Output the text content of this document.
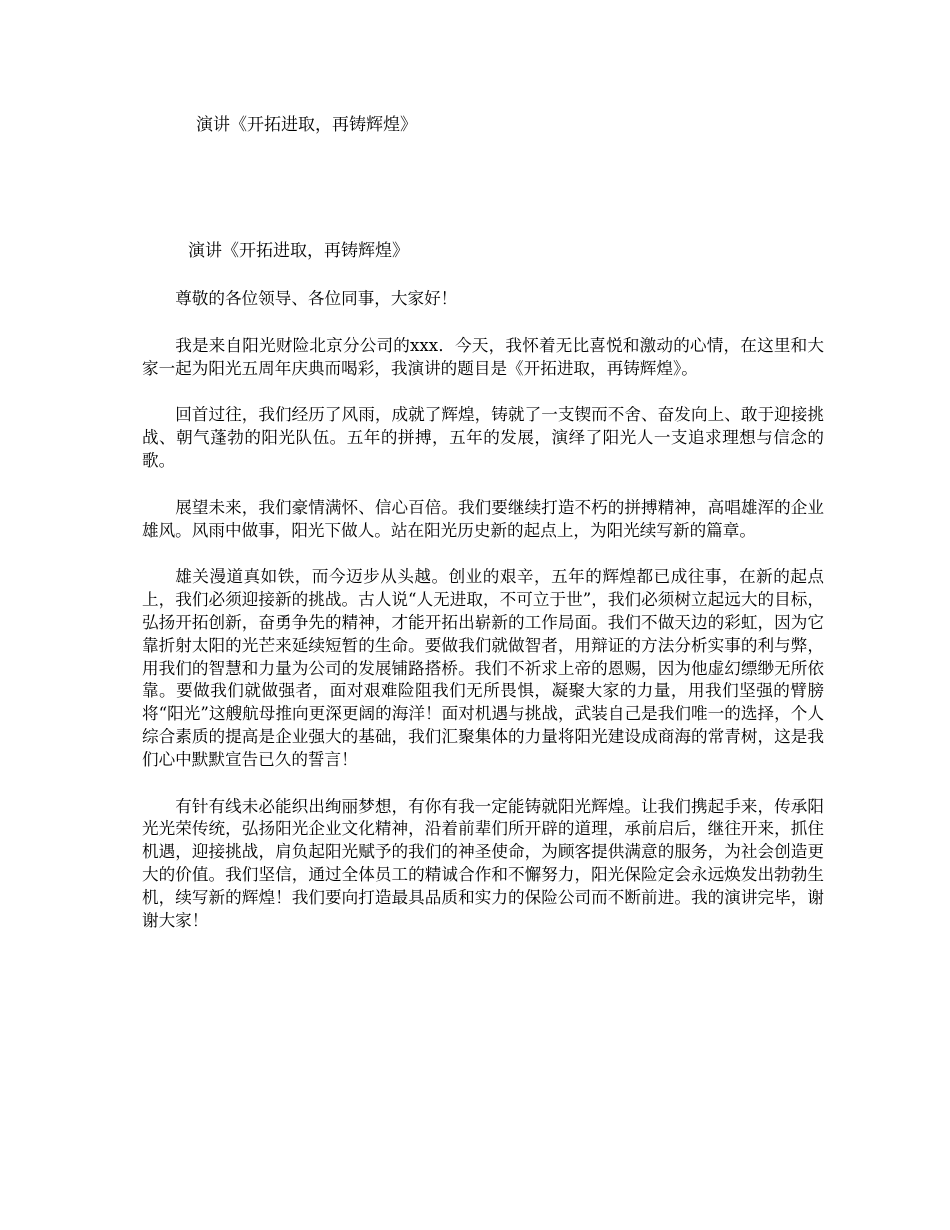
演讲《开拓进取，再铸辉煌》
演讲《开拓进取，再铸辉煌》

尊敬的各位领导、各位同事，大家好！

我是来自阳光财险北京分公司的xxx．今天，我怀着无比喜悦和激动的心情，在这里和大家一起为阳光五周年庆典而喝彩，我演讲的题目是《开拓进取，再铸辉煌》。

回首过往，我们经历了风雨，成就了辉煌，铸就了一支锲而不舍、奋发向上、敢于迎接挑战、朝气蓬勃的阳光队伍。五年的拼搏，五年的发展，演绎了阳光人一支追求理想与信念的歌。

展望未来，我们豪情满怀、信心百倍。我们要继续打造不朽的拼搏精神，高唱雄浑的企业雄风。风雨中做事，阳光下做人。站在阳光历史新的起点上，为阳光续写新的篇章。

雄关漫道真如铁，而今迈步从头越。创业的艰辛，五年的辉煌都已成往事，在新的起点上，我们必须迎接新的挑战。古人说“人无进取，不可立于世”，我们必须树立起远大的目标，弘扬开拓创新，奋勇争先的精神，才能开拓出崭新的工作局面。我们不做天边的彩虹，因为它靠折射太阳的光芒来延续短暂的生命。要做我们就做智者，用辩证的方法分析实事的利与弊，用我们的智慧和力量为公司的发展铺路搭桥。我们不祈求上帝的恩赐，因为他虚幻缥缈无所依靠。要做我们就做强者，面对艰难险阻我们无所畏惧，凝聚大家的力量，用我们坚强的臂膀将“阳光”这艘航母推向更深更阔的海洋！面对机遇与挑战，武装自己是我们唯一的选择，个人综合素质的提高是企业强大的基础，我们汇聚集体的力量将阳光建设成商海的常青树，这是我们心中默默宣告已久的誓言！

有针有线未必能织出绚丽梦想，有你有我一定能铸就阳光辉煌。让我们携起手来，传承阳光光荣传统，弘扬阳光企业文化精神，沿着前辈们所开辟的道理，承前启后，继往开来，抓住机遇，迎接挑战，肩负起阳光赋予的我们的神圣使命，为顾客提供满意的服务，为社会创造更大的价值。我们坚信，通过全体员工的精诚合作和不懈努力，阳光保险定会永远焕发出勃勃生机，续写新的辉煌！我们要向打造最具品质和实力的保险公司而不断前进。我的演讲完毕，谢谢大家！
